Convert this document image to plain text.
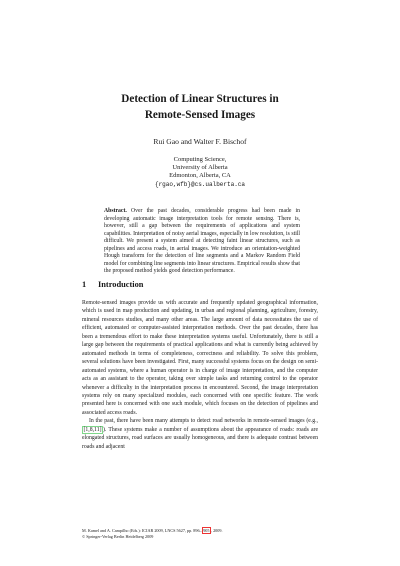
Detection of Linear Structures in
Remote-Sensed Images
Rui Gao and Walter F. Bischof
Computing Science,
University of Alberta
Edmonton, Alberta, CA
{rgao,wfb}@cs.ualberta.ca
Abstract. Over the past decades, considerable progress had been made in developing automatic image interpretation tools for remote sensing. There is, however, still a gap between the requirements of applications and system capabilities. Interpretation of noisy aerial images, especially in low resolution, is still difficult. We present a system aimed at detecting faint linear structures, such as pipelines and access roads, in aerial images. We introduce an orientation-weighted Hough transform for the detection of line segments and a Markov Random Field model for combining line segments into linear structures. Empirical results show that the proposed method yields good detection performance.
1 Introduction

Remote-sensed images provide us with accurate and frequently updated geographical information, which is used in map production and updating, in urban and regional planning, agriculture, forestry, mineral resources studies, and many other areas. The large amount of data necessitates the use of efficient, automated or computer-assisted interpretation methods. Over the past decades, there has been a tremendous effort to make these interpretation systems useful. Unfortunately, there is still a large gap between the requirements of practical applications and what is currently being achieved by automated methods in terms of completeness, correctness and reliability. To solve this problem, several solutions have been investigated. First, many successful systems focus on the design on semi-automated systems, where a human operator is in charge of image interpretation, and the computer acts as an assistant to the operator, taking over simple tasks and returning control to the operator whenever a difficulty in the interpretation process in encountered. Second, the image interpretation systems rely on many specialized modules, each concerned with one specific feature. The work presented here is concerned with one such module, which focuses on the detection of pipelines and associated access roads.

In the past, there have been many attempts to detect road networks in remote-sensed images (e.g., [1,8,11] ). These systems make a number of assumptions about the appearance of roads: roads are elongated structures, road surfaces are usually homogeneous, and there is adequate contrast between roads and adjacent

M. Kamel and A. Campilho (Eds.): ICIAR 2009, LNCS 5627, pp. 896– 905 , 2009.
© Springer-Verlag Berlin Heidelberg 2009
